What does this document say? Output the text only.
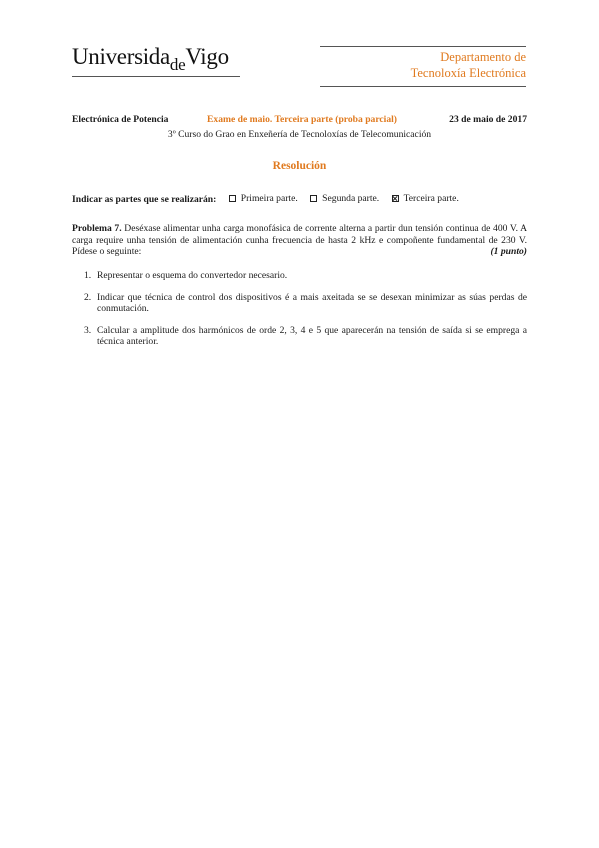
Universida$_{de}$Vigo	Departamento de
Tecnoloxía Electrónica
Electrónica de Potencia	Exame de maio. Terceira parte (proba parcial)	23 de maio de 2017
3º Curso do Grao en Enxeñería de Tecnoloxías de Telecomunicación
Resolución
Indicar as partes que se realizarán:	Primeira parte.
	Segunda parte.
	Terceira parte.
Problema 7. Deséxase alimentar unha carga monofásica de corrente alterna a partir dun tensión continua de 400 V. A carga require unha tensión de alimentación cunha frecuencia de hasta 2 kHz e compoñente fundamental de 230 V. Pídese o seguinte:	(1 punto)
1. Representar o esquema do convertedor necesario.
2. Indicar que técnica de control dos dispositivos é a mais axeitada se se desexan minimizar as súas perdas de conmutación.
3. Calcular a amplitude dos harmónicos de orde 2, 3, 4 e 5 que aparecerán na tensión de saída si se emprega a técnica anterior.
